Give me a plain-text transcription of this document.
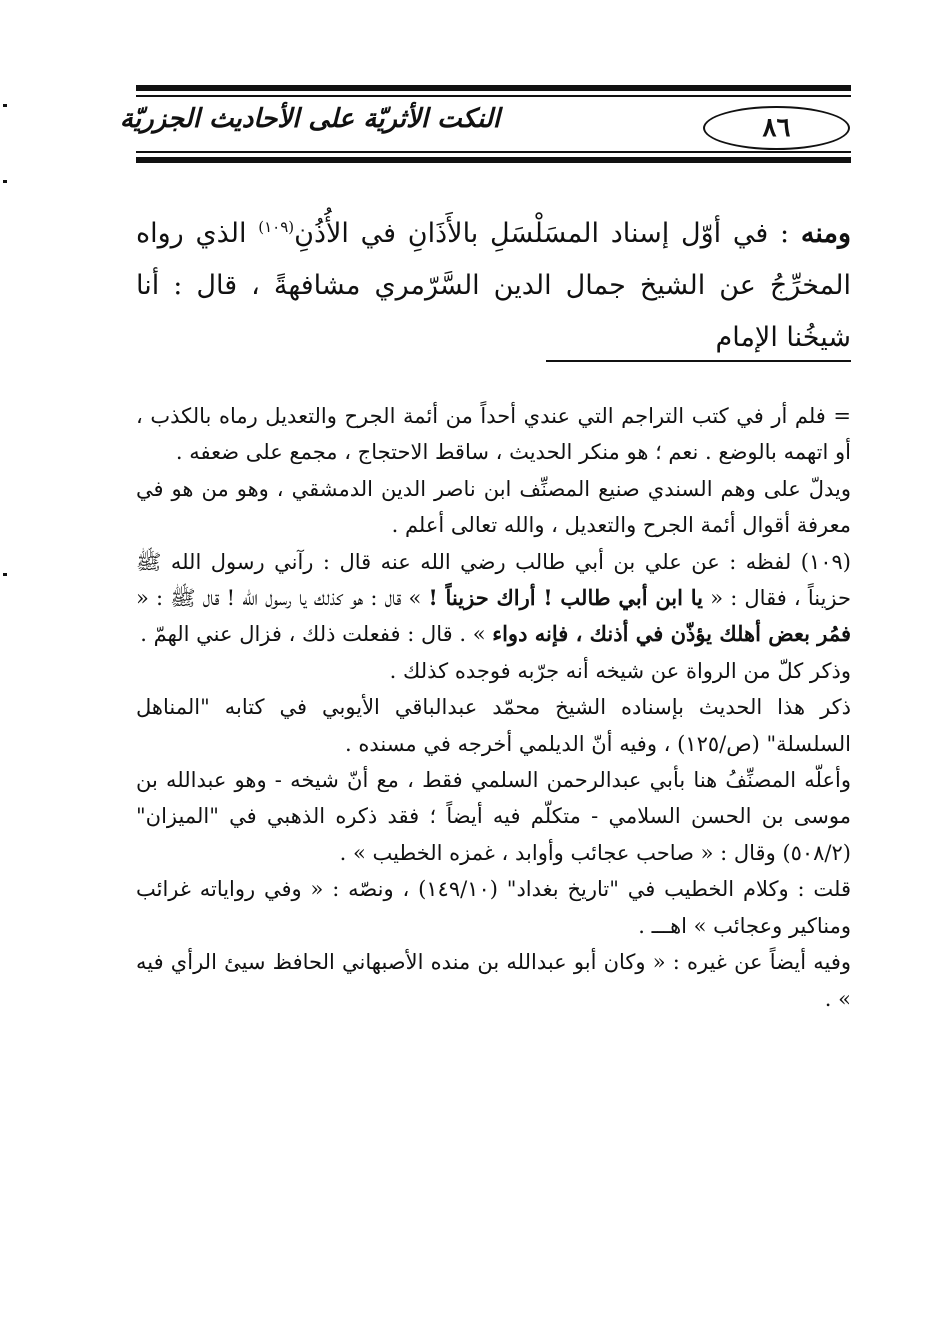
النكت الأثريّة على الأحاديث الجزريّة	٨٦
ومنه : في أوّل إسناد المسَلْسَلِ بالأَذَانِ في الأُذُنِ$^{(١٠٩)}$ الذي رواه المخرِّجُ عن الشيخ جمال الدين السَّرّمري مشافهةً ، قال : أنا شيخُنا الإمام

= فلم أر في كتب التراجم التي عندي أحداً من أئمة الجرح والتعديل رماه بالكذب ، أو اتهمه بالوضع . نعم ؛ هو منكر الحديث ، ساقط الاحتجاج ، مجمع على ضعفه .

ويدلّ على وهم السندي صنيع المصنِّف ابن ناصر الدين الدمشقي ، وهو من هو في معرفة أقوال أئمة الجرح والتعديل ، والله تعالى أعلم .

(١٠٩) لفظه : عن علي بن أبي طالب رضي الله عنه قال : رآني رسول الله ﷺ حزيناً ، فقال : « يا ابن أبي طالب ! أراك حزيناً ! » قال : هو كذلك يا رسول الله ! قال ﷺ : « فمُر بعض أهلك يؤذّن في أذنك ، فإنه دواء » . قال : ففعلت ذلك ، فزال عني الهمّ .

وذكر كلّ من الرواة عن شيخه أنه جرّبه فوجده كذلك .

ذكر هذا الحديث بإسناده الشيخ محمّد عبدالباقي الأيوبي في كتابه "المناهل السلسلة" (ص/١٢٥) ، وفيه أنّ الديلمي أخرجه في مسنده .

وأعلّه المصنِّفُ هنا بأبي عبدالرحمن السلمي فقط ، مع أنّ شيخه - وهو عبدالله بن موسى بن الحسن السلامي - متكلّم فيه أيضاً ؛ فقد ذكره الذهبي في "الميزان" (٥٠٨/٢) وقال : « صاحب عجائب وأوابد ، غمزه الخطيب » .

قلت : وكلام الخطيب في "تاريخ بغداد" (١٤٩/١٠) ، ونصّه : « وفي رواياته غرائب ومناكير وعجائب » اهـــ .

وفيه أيضاً عن غيره : « وكان أبو عبدالله بن منده الأصبهاني الحافظ سيئ الرأي فيه » .
